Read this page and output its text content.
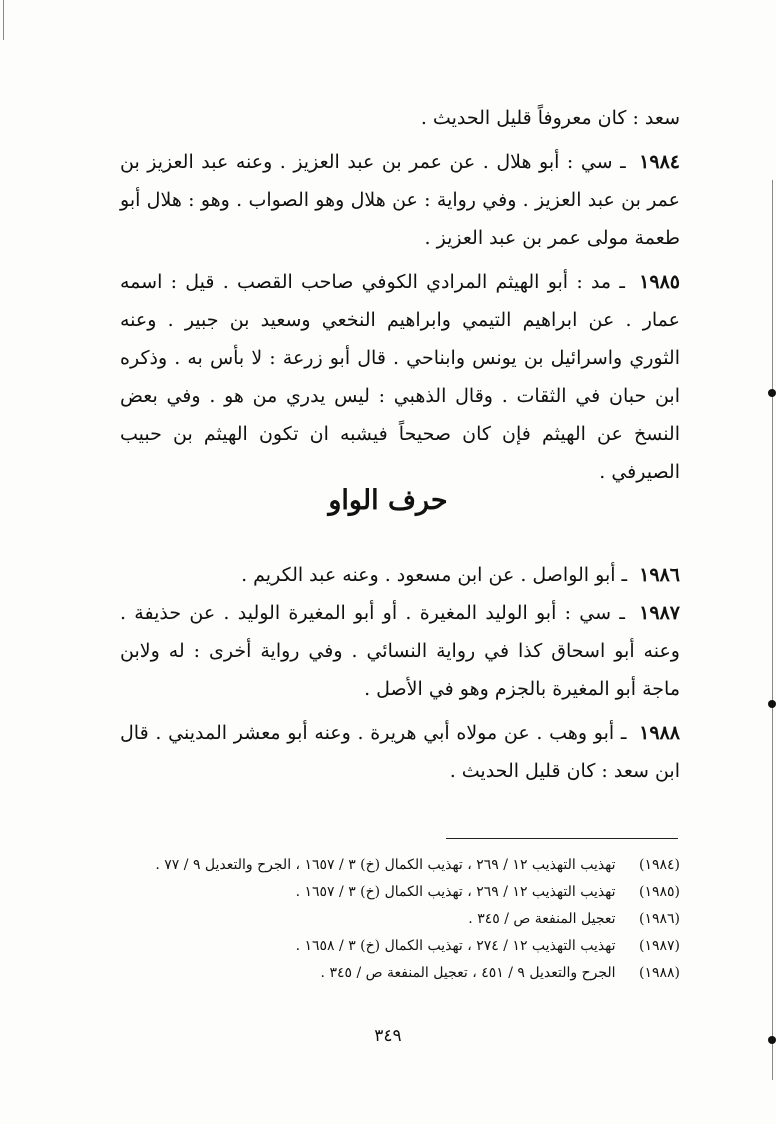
سعد : كان معروفاً قليل الحديث .
١٩٨٤ ـ سي : أبو هلال . عن عمر بن عبد العزيز . وعنه عبد العزيز بن عمر بن عبد العزيز . وفي رواية : عن هلال وهو الصواب . وهو : هلال أبو طعمة مولى عمر بن عبد العزيز .
١٩٨٥ ـ مد : أبو الهيثم المرادي الكوفي صاحب القصب . قيل : اسمه عمار . عن ابراهيم التيمي وابراهيم النخعي وسعيد بن جبير . وعنه الثوري واسرائيل بن يونس وابناحي . قال أبو زرعة : لا بأس به . وذكره ابن حبان في الثقات . وقال الذهبي : ليس يدري من هو . وفي بعض النسخ عن الهيثم فإن كان صحيحاً فيشبه ان تكون الهيثم بن حبيب الصيرفي .
حرف الواو
١٩٨٦ ـ أبو الواصل . عن ابن مسعود . وعنه عبد الكريم .
١٩٨٧ ـ سي : أبو الوليد المغيرة . أو أبو المغيرة الوليد . عن حذيفة . وعنه أبو اسحاق كذا في رواية النسائي . وفي رواية أخرى : له ولابن ماجة أبو المغيرة بالجزم وهو في الأصل .
١٩٨٨ ـ أبو وهب . عن مولاه أبي هريرة . وعنه أبو معشر المديني . قال ابن سعد : كان قليل الحديث .
(١٩٨٤) تهذيب التهذيب ١٢ / ٢٦٩ ، تهذيب الكمال (خ) ٣ / ١٦٥٧ ، الجرح والتعديل ٩ / ٧٧ .
(١٩٨٥) تهذيب التهذيب ١٢ / ٢٦٩ ، تهذيب الكمال (خ) ٣ / ١٦٥٧ .
(١٩٨٦) تعجيل المنفعة ص / ٣٤٥ .
(١٩٨٧) تهذيب التهذيب ١٢ / ٢٧٤ ، تهذيب الكمال (خ) ٣ / ١٦٥٨ .
(١٩٨٨) الجرح والتعديل ٩ / ٤٥١ ، تعجيل المنفعة ص / ٣٤٥ .
٣٤٩
